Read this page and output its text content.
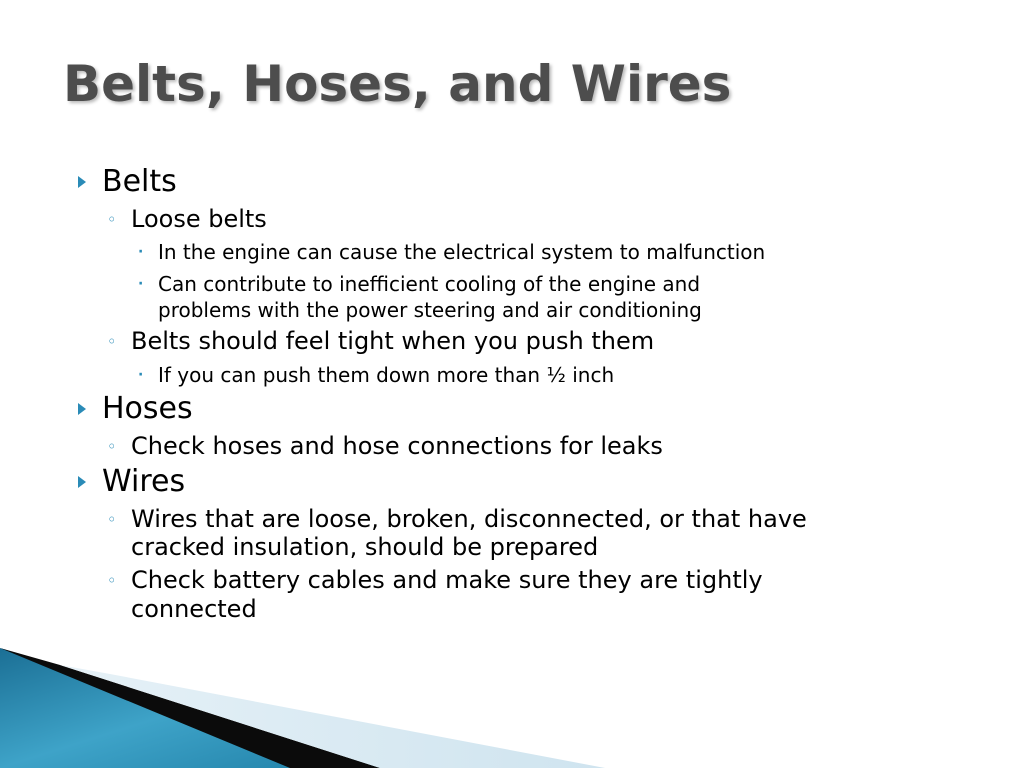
Belts, Hoses, and Wires
Belts
◦ Loose belts
· In the engine can cause the electrical system to malfunction
· Can contribute to inefficient cooling of the engine and
problems with the power steering and air conditioning
◦ Belts should feel tight when you push them
· If you can push them down more than ½ inch
Hoses
◦ Check hoses and hose connections for leaks
Wires
◦ Wires that are loose, broken, disconnected, or that have
cracked insulation, should be prepared
◦ Check battery cables and make sure they are tightly
connected
